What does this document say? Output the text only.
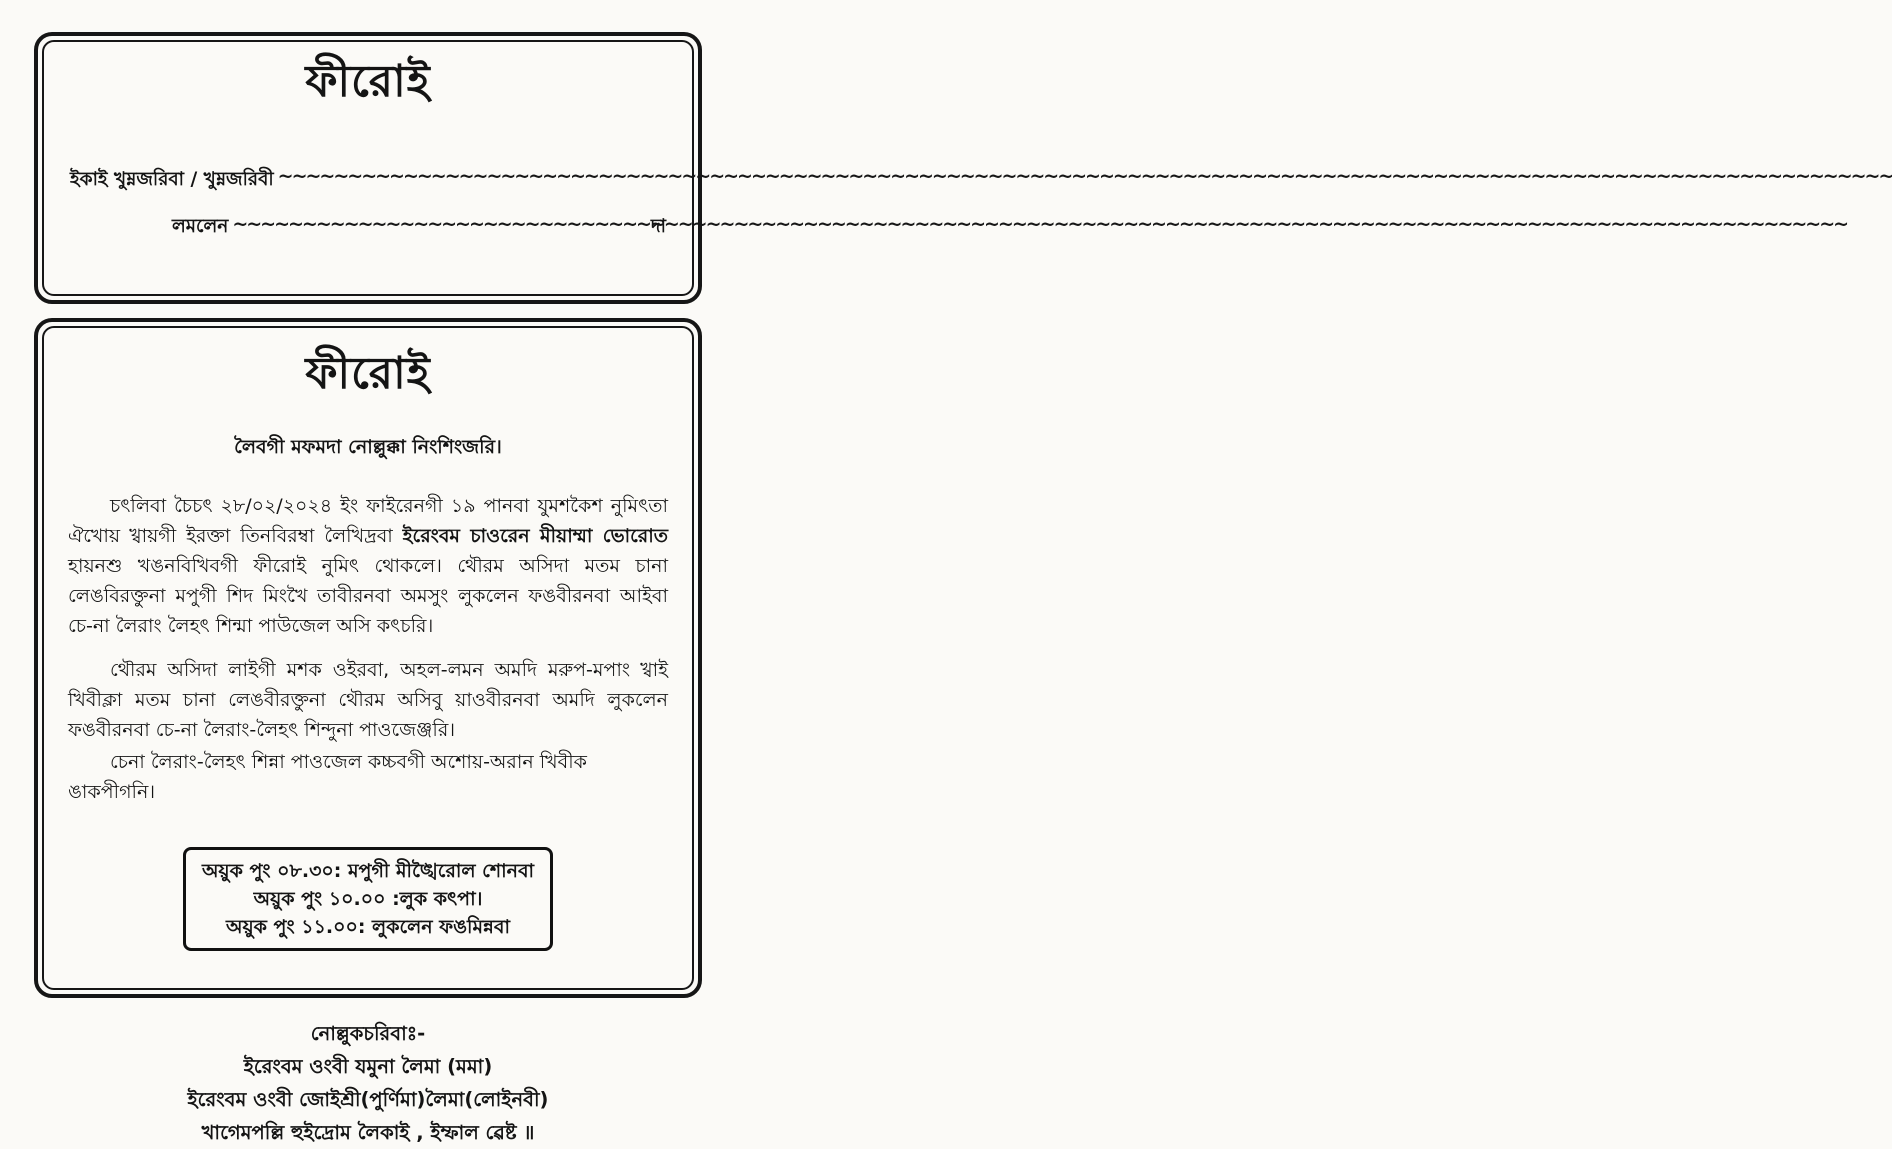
ফীরোই
ইকাই খুম্নজরিবা / খুম্নজরিবী
~~~~~
লমলেন ~~~~~	দা
ফীরোই
লৈবগী মফমদা নোল্লুক্কা নিংশিংজরি।

চৎলিবা চৈচৎ ২৮/০২/২০২৪ ইং ফাইরেনগী ১৯ পানবা যুমশকৈশ নুমিৎতা ঐখোয় খ্বায়গী ইরক্তা তিনবিরম্বা লৈখিদ্রবা ইরেংবম চাওরেন মীয়াম্মা ভোরোত হায়নশু খঙনবিখিবগী ফীরোই নুমিৎ থোকলে। থৌরম অসিদা মতম চানা লেঙবিরক্তুনা মপুগী শিদ মিংখৈ তাবীরনবা অমসুং লুকলেন ফঙবীরনবা আইবা চে-না লৈরাং লৈহৎ শিন্মা পাউজেল অসি কৎচরি।

থৌরম অসিদা লাইগী মশক ওইরবা, অহল-লমন অমদি মরুপ-মপাং খ্বাই খিবীক্লা মতম চানা লেঙবীরক্তুনা থৌরম অসিবু য়াওবীরনবা অমদি লুকলেন ফঙবীরনবা চে-না লৈরাং-লৈহৎ শিন্দুনা পাওজেঞ্জরি।

চেনা লৈরাং-লৈহৎ শিন্না পাওজেল কচ্চবগী অশোয়-অরান খিবীক ঙাকপীগনি।

অয়ুক পুং ০৮.৩০: মপুগী মীঙ্খৈরোল শোনবা
অয়ুক পুং ১০.০০ :লুক কৎপা।
অয়ুক পুং ১১.০০: লুকলেন ফঙমিন্নবা
নোল্লুকচরিবাঃ-
ইরেংবম ওংবী যমুনা লৈমা (মমা)
ইরেংবম ওংবী জোইশ্রী(পুর্ণিমা)লৈমা(লোইনবী)
খাগেমপল্লি হুইদ্রোম লৈকাই , ইম্ফাল ৱেষ্ট ॥
